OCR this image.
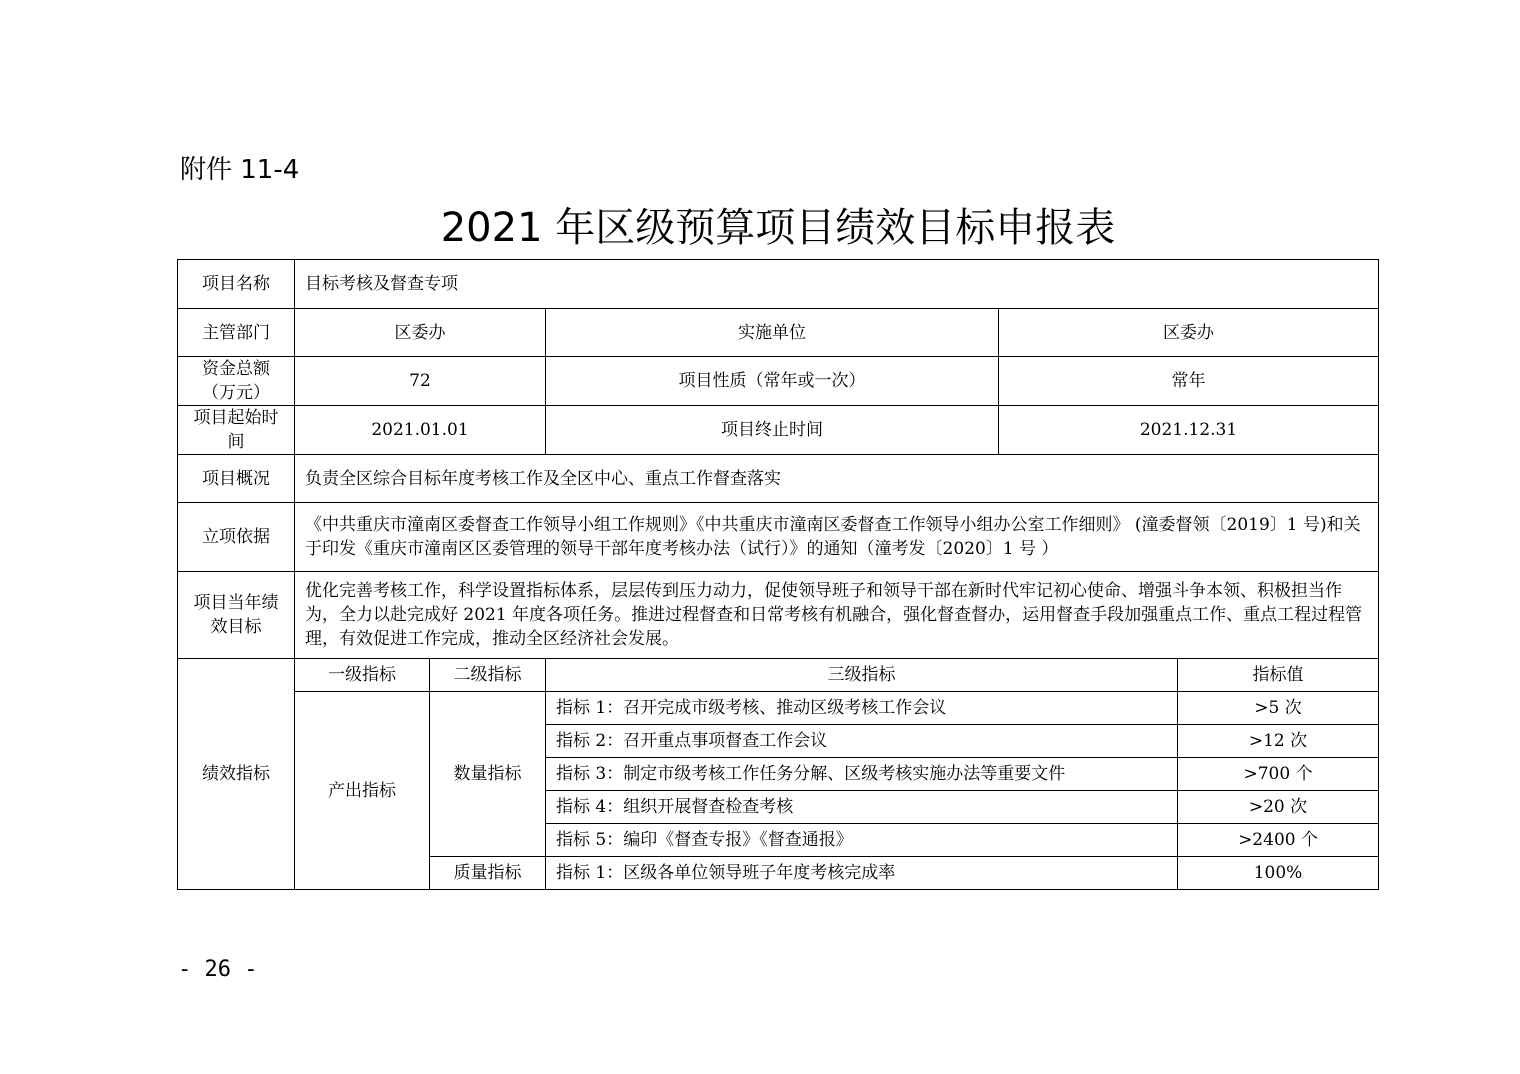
附件 11-4
2021 年区级预算项目绩效目标申报表
项目名称	目标考核及督查专项				
主管部门	区委办		实施单位	区委办	
资金总额（万元）	72		项目性质（常年或一次）	常年	
项目起始时间	2021.01.01		项目终止时间	2021.12.31	
项目概况	负责全区综合目标年度考核工作及全区中心、重点工作督查落实				
立项依据	《中共重庆市潼南区委督查工作领导小组工作规则》《中共重庆市潼南区委督查工作领导小组办公室工作细则》 (潼委督领〔2019〕1 号)和关于印发《重庆市潼南区区委管理的领导干部年度考核办法（试行）》的通知（潼考发〔2020〕1 号 ）				
项目当年绩效目标	优化完善考核工作，科学设置指标体系，层层传到压力动力，促使领导班子和领导干部在新时代牢记初心使命、增强斗争本领、积极担当作为，全力以赴完成好 2021 年度各项任务。推进过程督查和日常考核有机融合，强化督查督办，运用督查手段加强重点工作、重点工程过程管理，有效促进工作完成，推动全区经济社会发展。				
绩效指标	一级指标	二级指标	三级指标		指标值
	产出指标	数量指标	指标 1：召开完成市级考核、推动区级考核工作会议		>5 次
			指标 2：召开重点事项督查工作会议		>12 次
			指标 3：制定市级考核工作任务分解、区级考核实施办法等重要文件		>700 个
			指标 4：组织开展督查检查考核		>20 次
			指标 5：编印《督查专报》《督查通报》		>2400 个
		质量指标	指标 1：区级各单位领导班子年度考核完成率		100%
- 26 -
